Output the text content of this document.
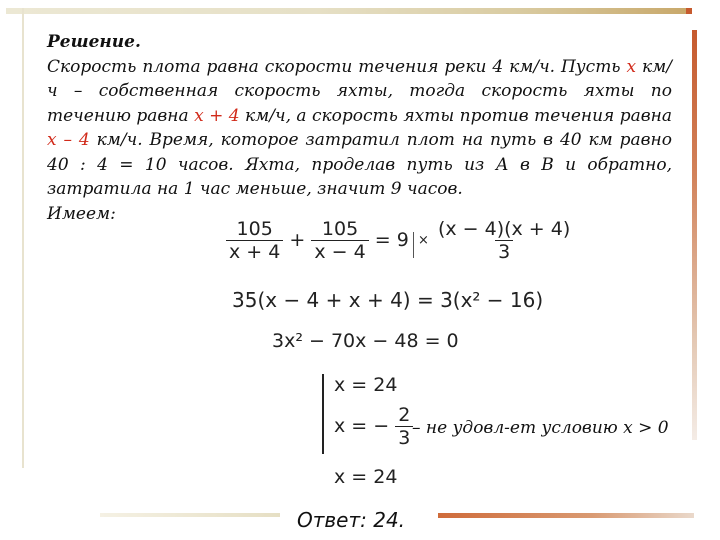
Решение.

Скорость плота равна скорости течения реки 4 км/ч. Пусть x км/ч – собственная скорость яхты, тогда скорость яхты по течению равна x + 4 км/ч, а скорость яхты против течения равна x – 4 км/ч. Время, которое затратил плот на путь в 40 км равно 40 : 4 = 10 часов. Яхта, проделав путь из А в В и обратно, затратила на 1 час меньше, значит 9 часов.

Имеем:

$\frac{105}{x + 4} + \frac{105}{x - 4} = 9 \times \frac{(x - 4)(x + 4)}{3}$
35(x − 4 + x + 4) = 3(x² − 16)
3x² − 70x − 48 = 0
x = 24
x = − $\frac{2}{3}$
– не удовл-ет условию x > 0
x = 24
Ответ: 24.
